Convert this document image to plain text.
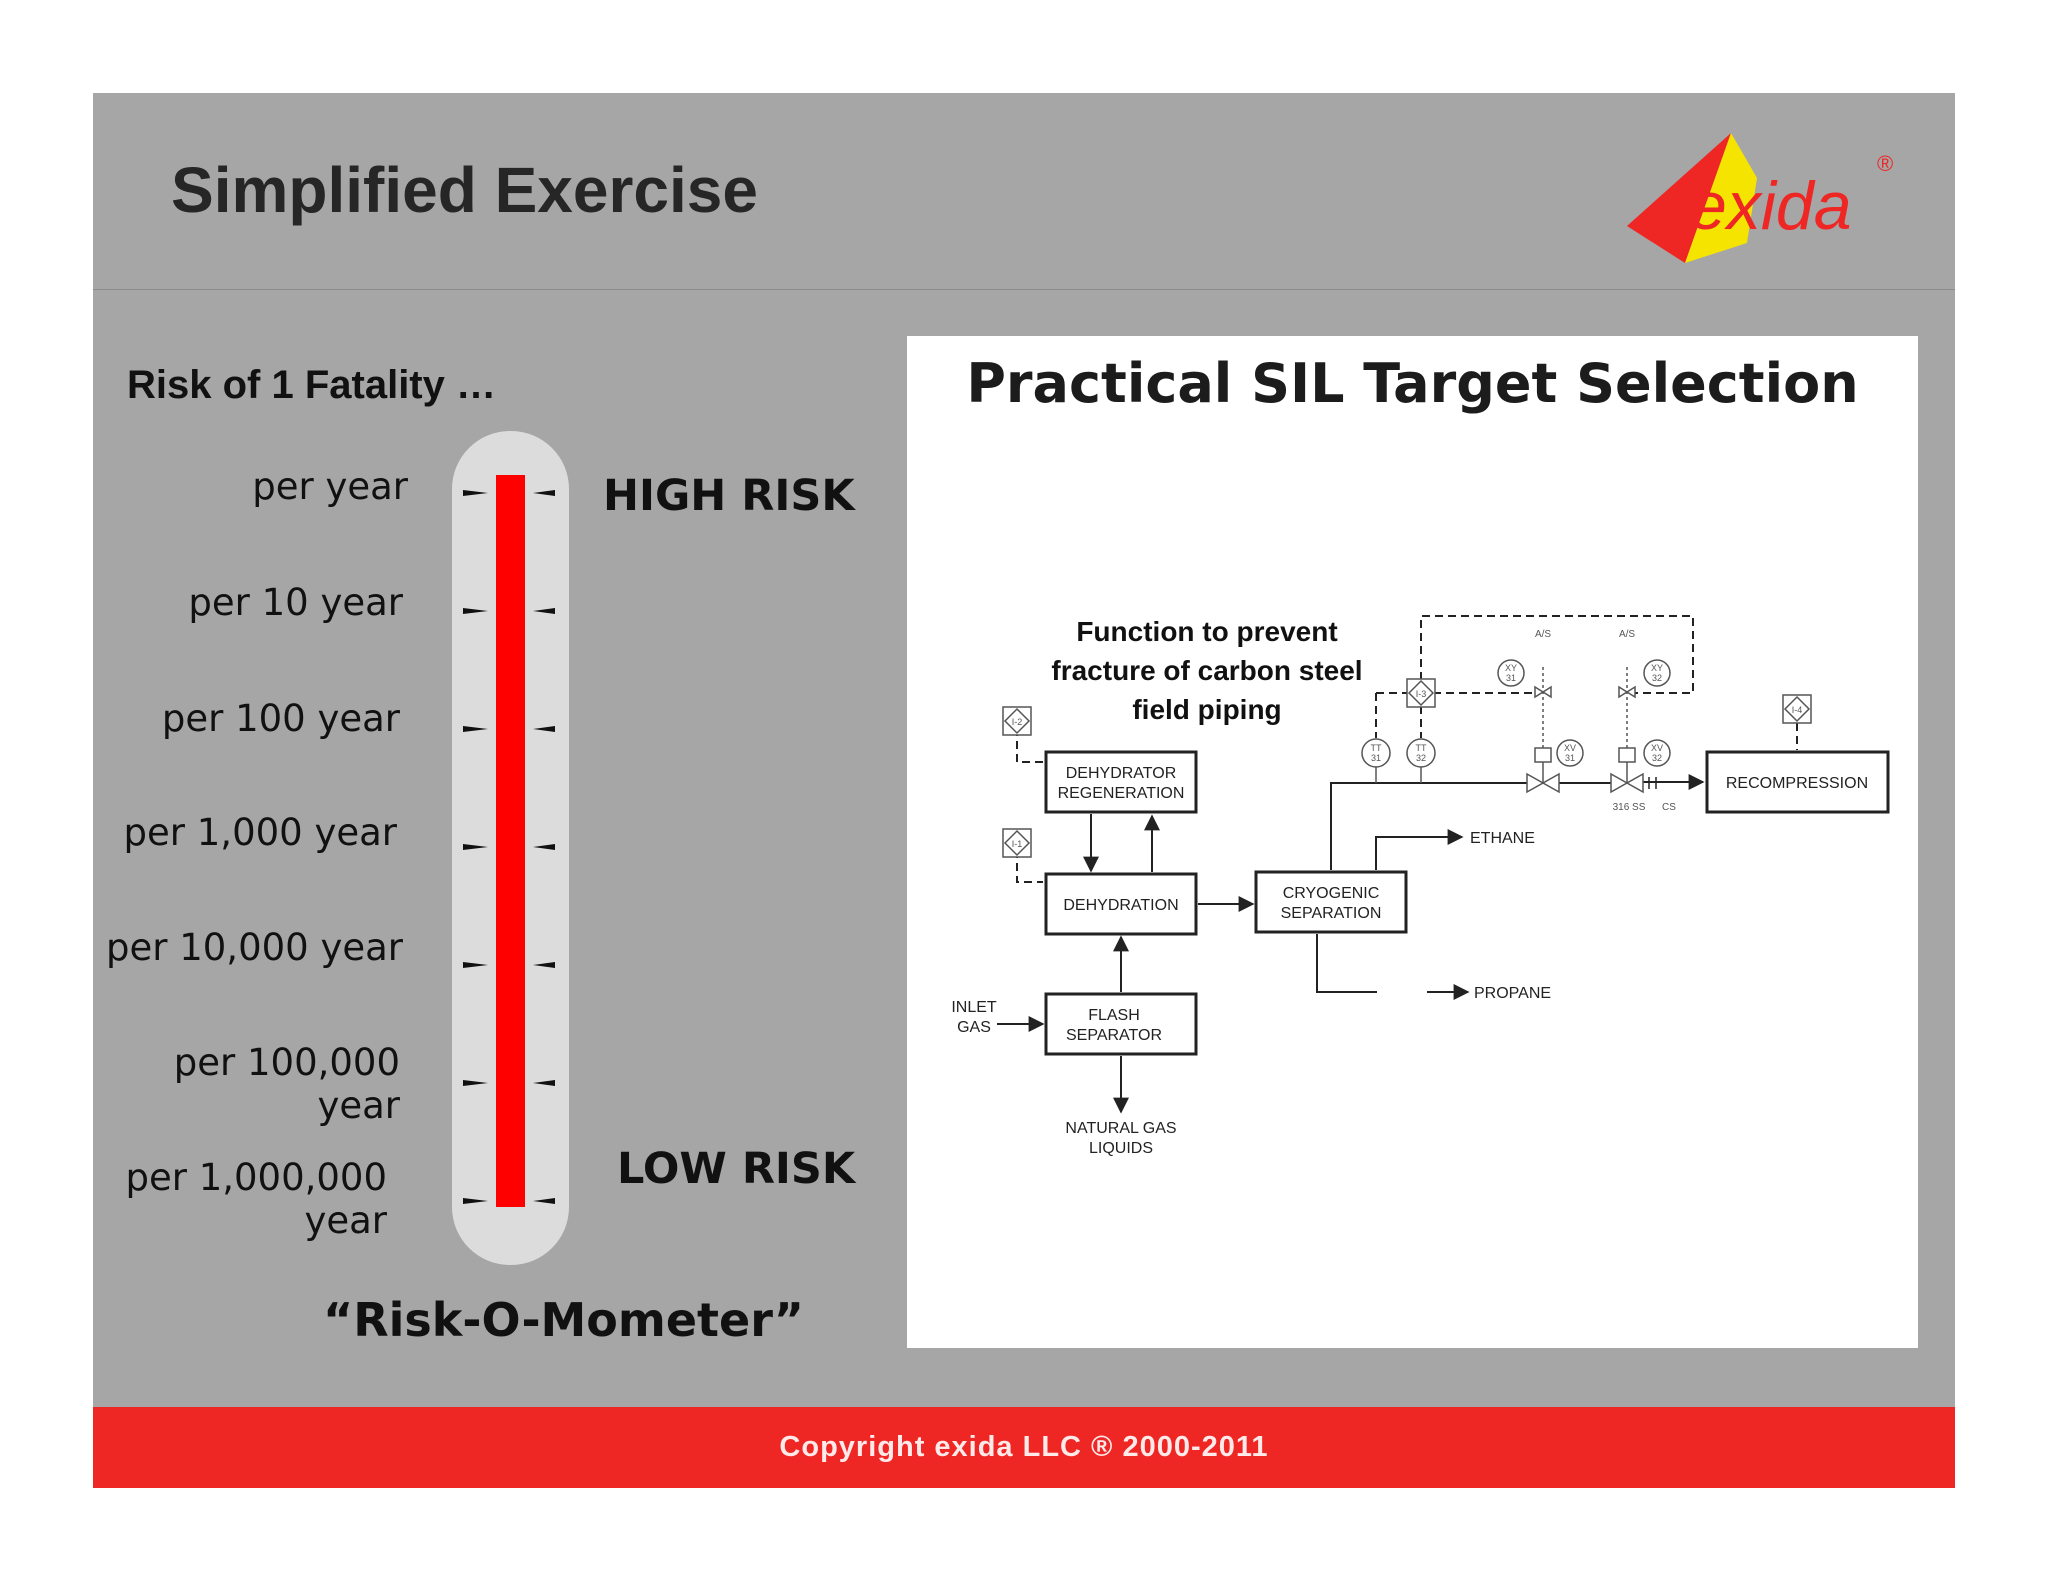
Simplified Exercise	exida
®
Risk of 1 Fatality …
per year
per 10 year
per 100 year
per 1,000 year
per 10,000 year
per 100,000 year
per 1,000,000 year
HIGH RISK
LOW RISK
“Risk-O-Mometer”
Practical SIL Target Selection
Function to prevent
fracture of carbon steel
field piping
DEHYDRATOR
REGENERATION
DEHYDRATION
CRYOGENIC
SEPARATION
FLASH
SEPARATOR
RECOMPRESSION
INLET
GAS
NATURAL GAS
LIQUIDS
ETHANE
PROPANE
I-2
I-1
I-3
I-4
TT
31
TT
32
XV
31
XV
32
XY
31
XY
32
A/S	A/S
316 SS CS
Copyright exida LLC ® 2000-2011
